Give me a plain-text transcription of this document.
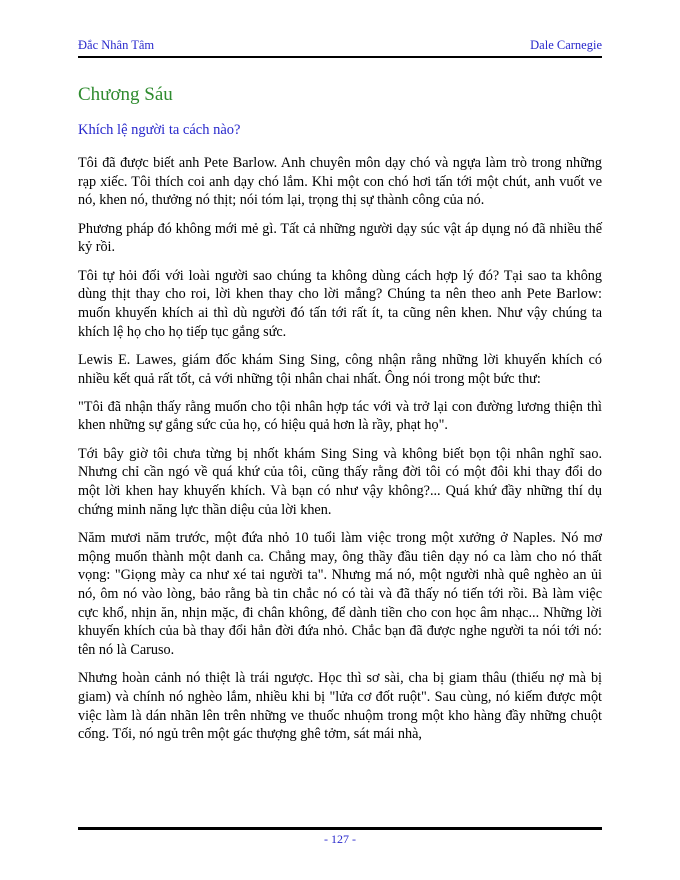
Đắc Nhân Tâm	Dale Carnegie
Chương Sáu
Khích lệ người ta cách nào?

Tôi đã được biết anh Pete Barlow. Anh chuyên môn dạy chó và ngựa làm trò trong những rạp xiếc. Tôi thích coi anh dạy chó lắm. Khi một con chó hơi tấn tới một chút, anh vuốt ve nó, khen nó, thưởng nó thịt; nói tóm lại, trọng thị sự thành công của nó.

Phương pháp đó không mới mẻ gì. Tất cả những người dạy súc vật áp dụng nó đã nhiều thế kỷ rồi.

Tôi tự hỏi đối với loài người sao chúng ta không dùng cách hợp lý đó? Tại sao ta không dùng thịt thay cho roi, lời khen thay cho lời mắng? Chúng ta nên theo anh Pete Barlow: muốn khuyến khích ai thì dù người đó tấn tới rất ít, ta cũng nên khen. Như vậy chúng ta khích lệ họ cho họ tiếp tục gắng sức.

Lewis E. Lawes, giám đốc khám Sing Sing, công nhận rằng những lời khuyến khích có nhiều kết quả rất tốt, cả với những tội nhân chai nhất. Ông nói trong một bức thư:

"Tôi đã nhận thấy rằng muốn cho tội nhân hợp tác với và trở lại con đường lương thiện thì khen những sự gắng sức của họ, có hiệu quả hơn là rầy, phạt họ".

Tới bây giờ tôi chưa từng bị nhốt khám Sing Sing và không biết bọn tội nhân nghĩ sao. Nhưng chỉ cần ngó về quá khứ của tôi, cũng thấy rằng đời tôi có một đôi khi thay đổi do một lời khen hay khuyến khích. Và bạn có như vậy không?... Quá khứ đầy những thí dụ chứng minh năng lực thần diệu của lời khen.

Năm mươi năm trước, một đứa nhỏ 10 tuổi làm việc trong một xưởng ở Naples. Nó mơ mộng muốn thành một danh ca. Chẳng may, ông thầy đầu tiên dạy nó ca làm cho nó thất vọng: "Giọng mày ca như xé tai người ta". Nhưng má nó, một người nhà quê nghèo an ủi nó, ôm nó vào lòng, bảo rằng bà tin chắc nó có tài và đã thấy nó tiến tới rồi. Bà làm việc cực khổ, nhịn ăn, nhịn mặc, đi chân không, để dành tiền cho con học âm nhạc... Những lời khuyến khích của bà thay đổi hẳn đời đứa nhỏ. Chắc bạn đã được nghe người ta nói tới nó: tên nó là Caruso.

Nhưng hoàn cảnh nó thiệt là trái ngược. Học thì sơ sài, cha bị giam thâu (thiếu nợ mà bị giam) và chính nó nghèo lắm, nhiều khi bị "lửa cơ đốt ruột". Sau cùng, nó kiếm được một việc làm là dán nhãn lên trên những ve thuốc nhuộm trong một kho hàng đầy những chuột cống. Tối, nó ngủ trên một gác thượng ghê tởm, sát mái nhà,

- 127 -
